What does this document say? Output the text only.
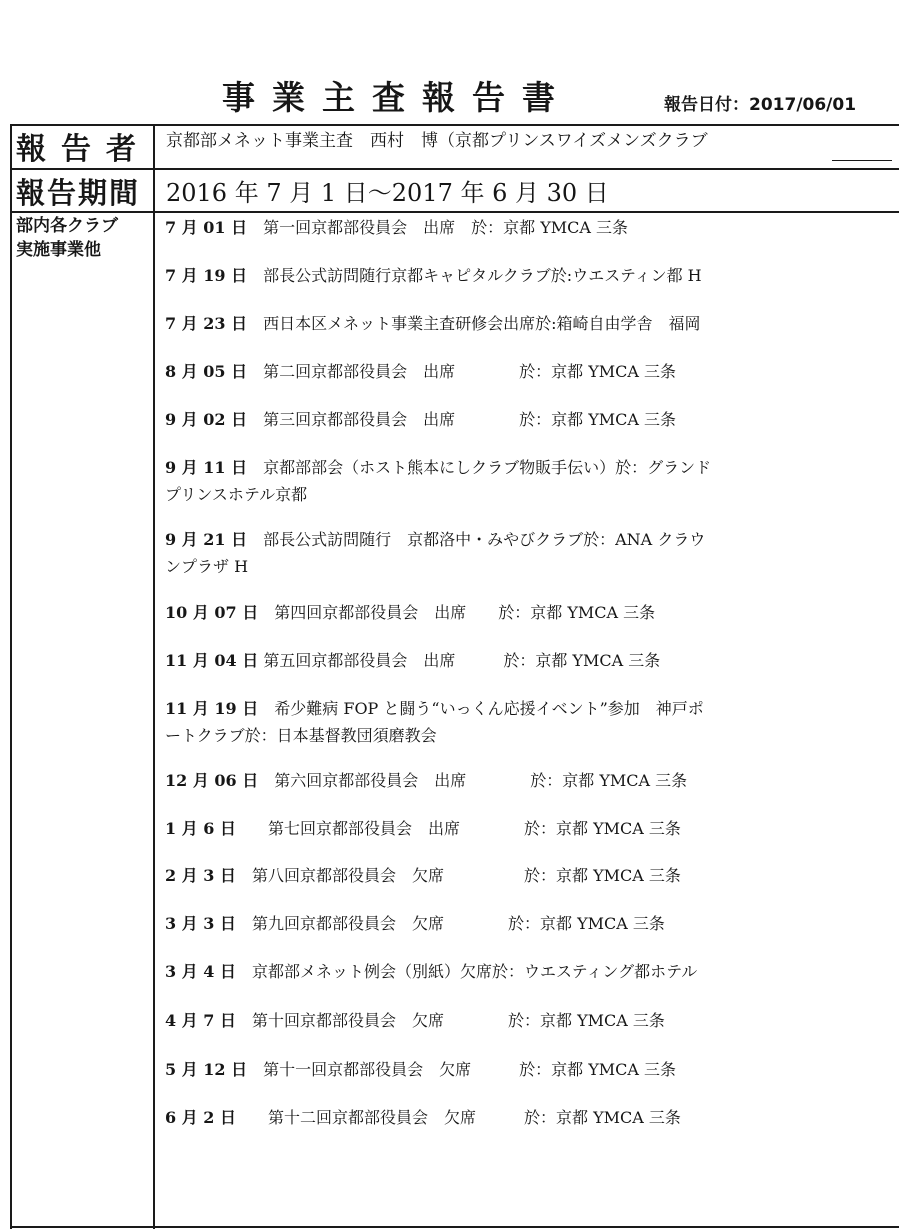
事業主査報告書	報告日付：2017/06/01
報告者 京都部メネット事業主査　西村　博（京都プリンスワイズメンズクラブ
報告期間 2016 年 7 月 1 日～2017 年 6 月 30 日
部内各クラブ
実施事業他
7 月 01 日　第一回京都部役員会　出席　於：京都 YMCA 三条
7 月 19 日　部長公式訪問随行京都キャピタルクラブ於:ウエスティン都 H
7 月 23 日　西日本区メネット事業主査研修会出席於:箱崎自由学舎　福岡
8 月 05 日　第二回京都部役員会　出席　　　　於：京都 YMCA 三条
9 月 02 日　第三回京都部役員会　出席　　　　於：京都 YMCA 三条
9 月 11 日　京都部部会（ホスト熊本にしクラブ物販手伝い）於：グランド
プリンスホテル京都
9 月 21 日　部長公式訪問随行　京都洛中・みやびクラブ於：ANA クラウ
ンプラザ H
10 月 07 日　第四回京都部役員会　出席　　於：京都 YMCA 三条
11 月 04 日 第五回京都部役員会　出席　　　於：京都 YMCA 三条
11 月 19 日　希少難病 FOP と闘う“いっくん応援イベント”参加　神戸ポ
ートクラブ於：日本基督教団須磨教会
12 月 06 日　第六回京都部役員会　出席　　　　於：京都 YMCA 三条
1 月 6 日　　第七回京都部役員会　出席　　　　於：京都 YMCA 三条
2 月 3 日　第八回京都部役員会　欠席　　　　　於：京都 YMCA 三条
3 月 3 日　第九回京都部役員会　欠席　　　　於：京都 YMCA 三条
3 月 4 日　京都部メネット例会（別紙）欠席於：ウエスティング都ホテル
4 月 7 日　第十回京都部役員会　欠席　　　　於：京都 YMCA 三条
5 月 12 日　第十一回京都部役員会　欠席　　　於：京都 YMCA 三条
6 月 2 日　　第十二回京都部役員会　欠席　　　於：京都 YMCA 三条
